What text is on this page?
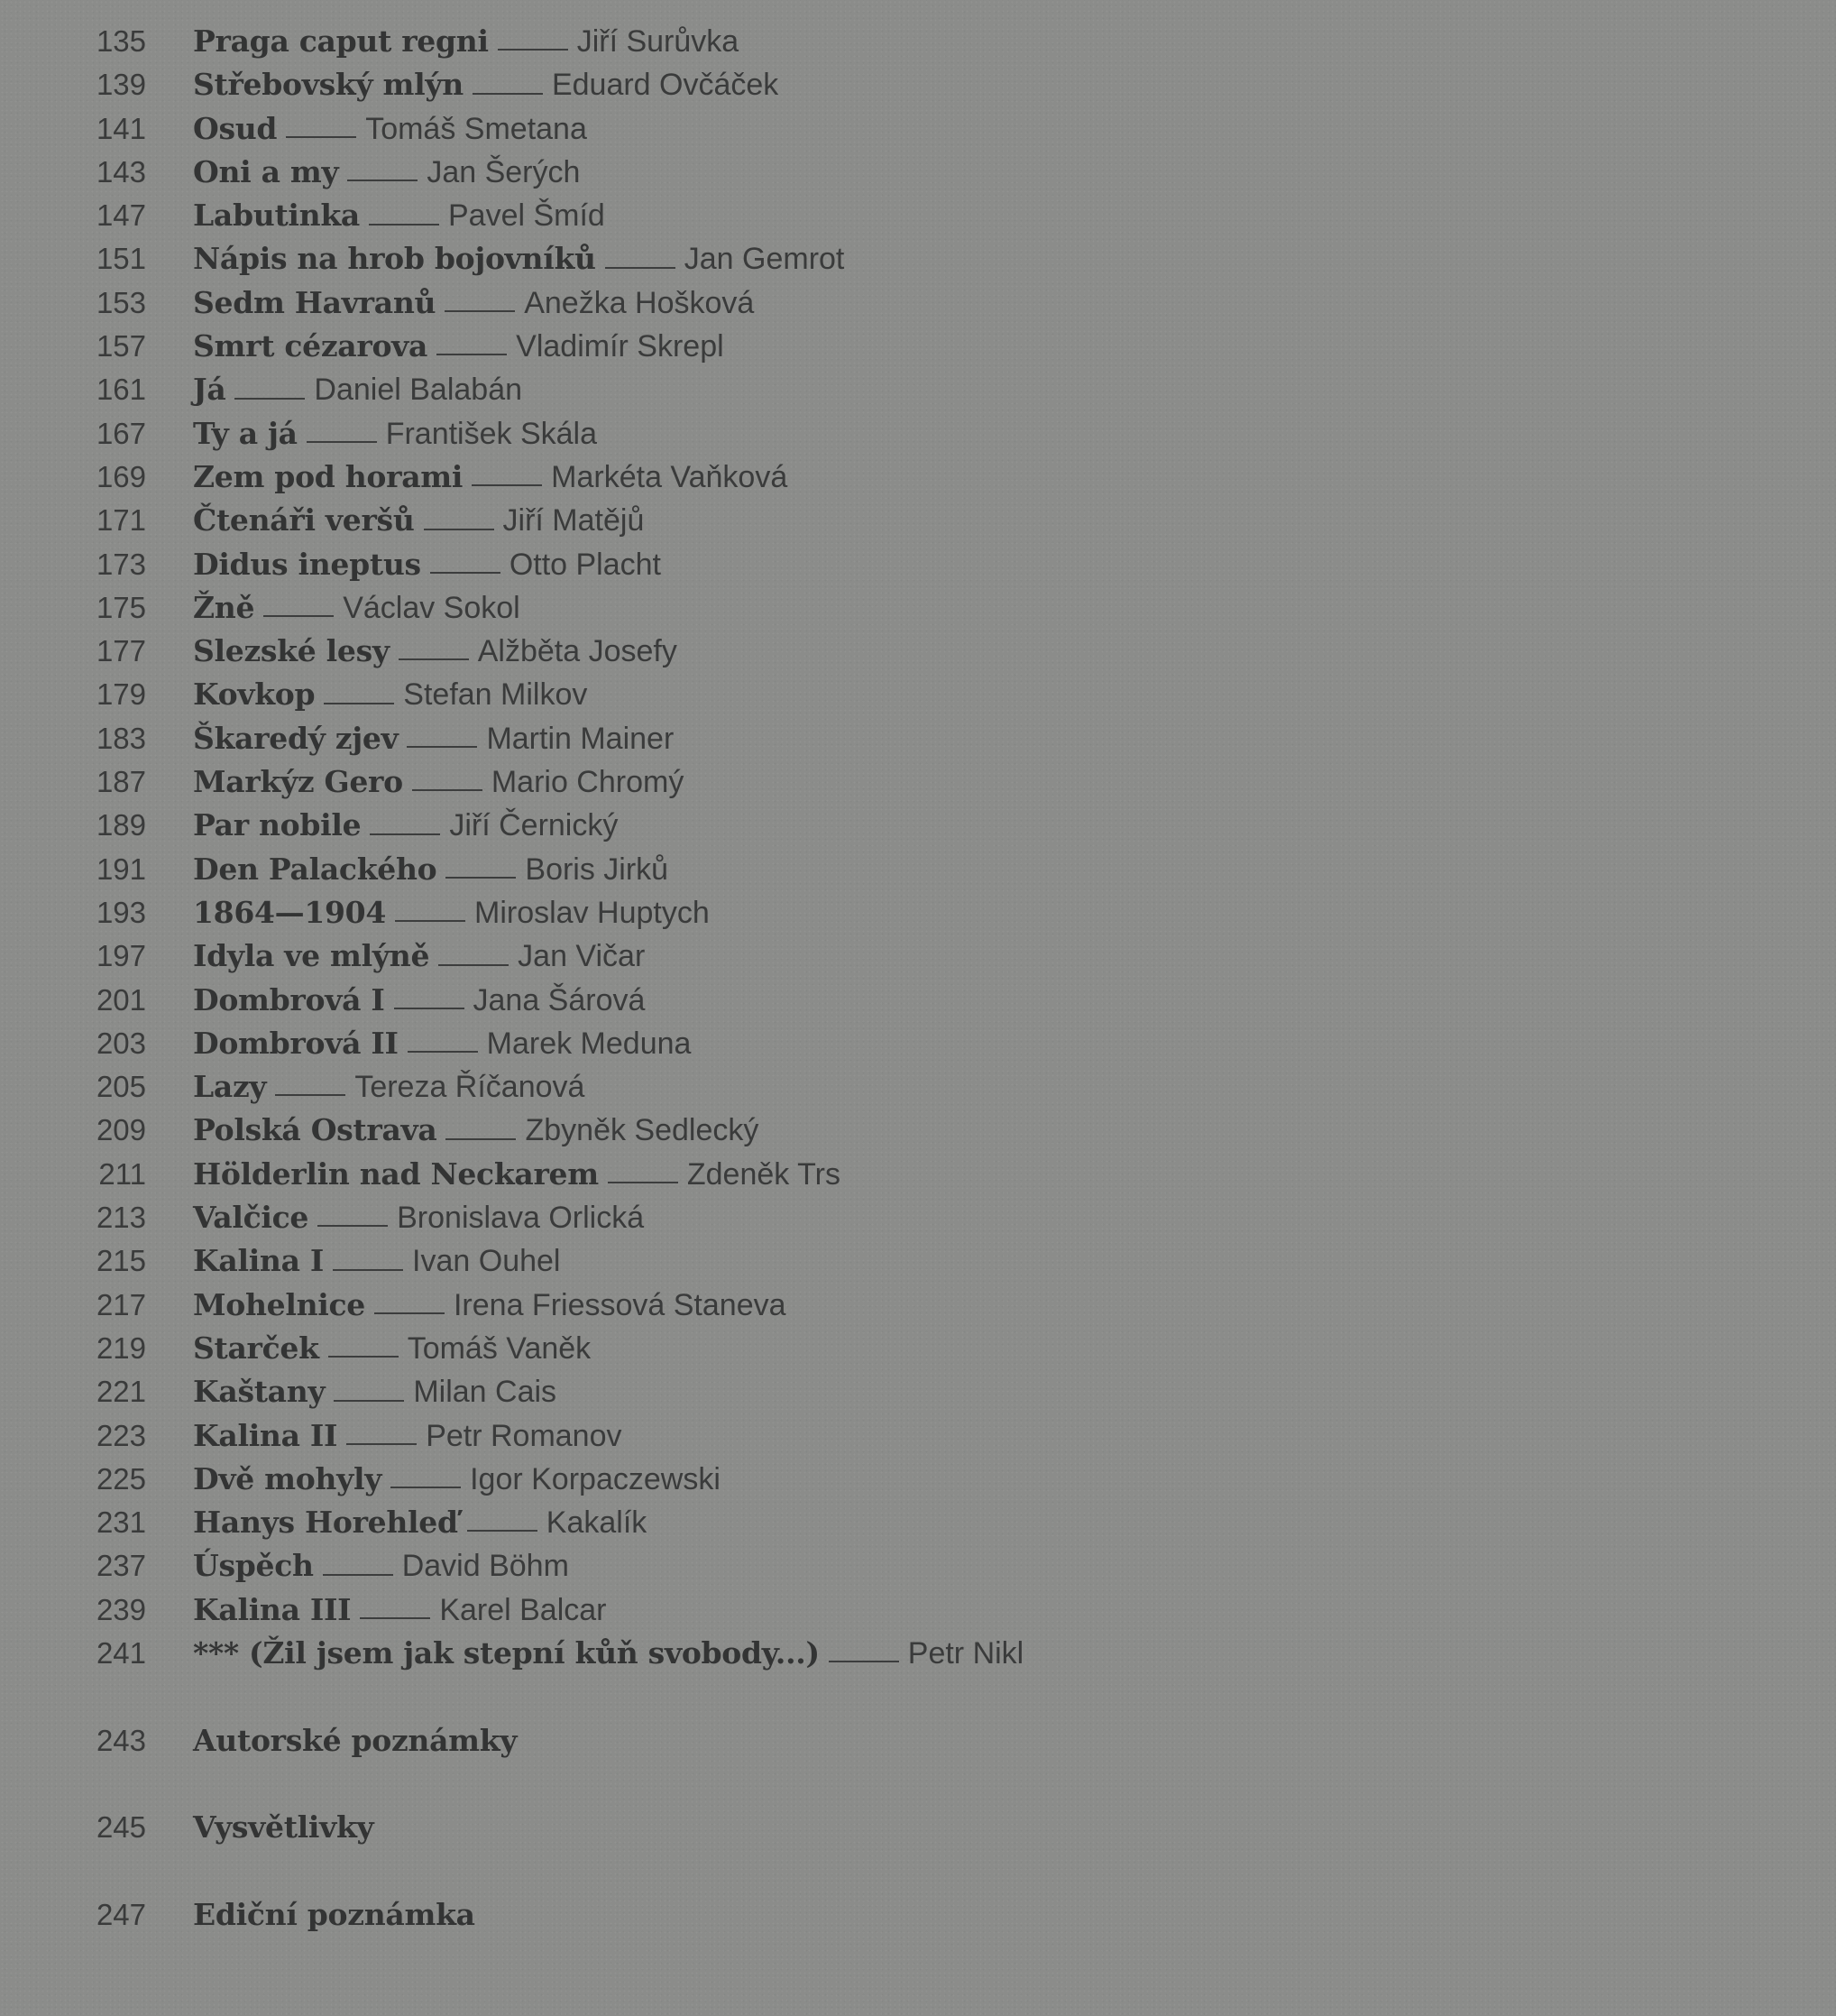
135 Praga caput regni	Jiří Surůvka
139 Střebovský mlýn	Eduard Ovčáček
141 Osud	Tomáš Smetana
143 Oni a my	Jan Šerých
147 Labutinka	Pavel Šmíd
151 Nápis na hrob bojovníků	Jan Gemrot
153 Sedm Havranů	Anežka Hošková
157 Smrt cézarova	Vladimír Skrepl
161 Já	Daniel Balabán
167 Ty a já	František Skála
169 Zem pod horami	Markéta Vaňková
171 Čtenáři veršů	Jiří Matějů
173 Didus ineptus	Otto Placht
175 Žně	Václav Sokol
177 Slezské lesy	Alžběta Josefy
179 Kovkop	Stefan Milkov
183 Škaredý zjev	Martin Mainer
187 Markýz Gero	Mario Chromý
189 Par nobile	Jiří Černický
191 Den Palackého	Boris Jirků
193 1864—1904	Miroslav Huptych
197 Idyla ve mlýně	Jan Vičar
201 Dombrová I	Jana Šárová
203 Dombrová II	Marek Meduna
205 Lazy	Tereza Říčanová
209 Polská Ostrava	Zbyněk Sedlecký
211 Hölderlin nad Neckarem	Zdeněk Trs
213 Valčice	Bronislava Orlická
215 Kalina I	Ivan Ouhel
217 Mohelnice	Irena Friessová Staneva
219 Starček	Tomáš Vaněk
221 Kaštany	Milan Cais
223 Kalina II	Petr Romanov
225 Dvě mohyly	Igor Korpaczewski
231 Hanys Horehleď	Kakalík
237 Úspěch	David Böhm
239 Kalina III	Karel Balcar
241 *** (Žil jsem jak stepní kůň svobody...)	Petr Nikl
243 Autorské poznámky
245 Vysvětlivky
247 Ediční poznámka
